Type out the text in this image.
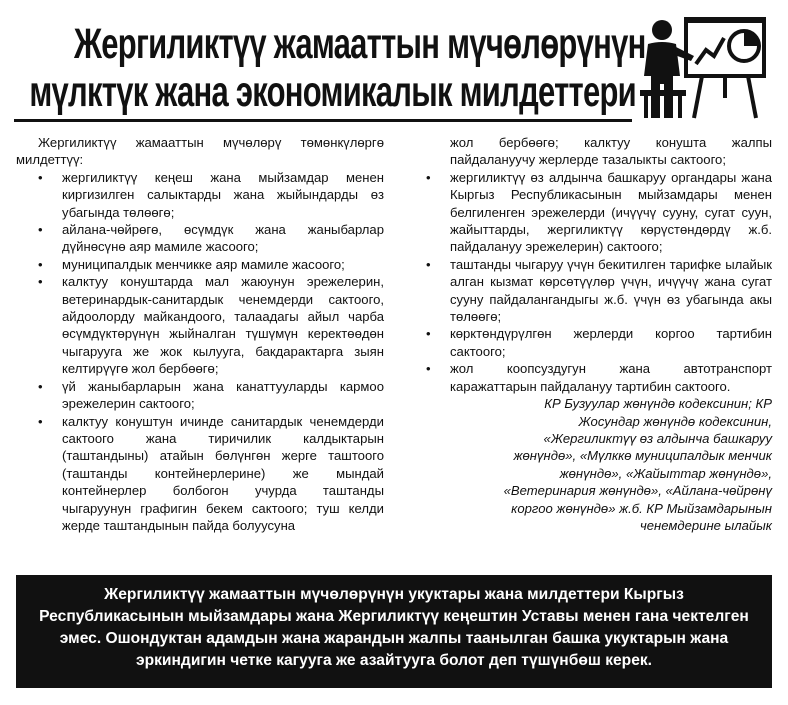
Жергиликтүү жамааттын мүчөлөрүнүн
мүлктүк жана экономикалык милдеттери

Жергиликтүү жамааттын мүчөлөрү төмөнкүлөргө милдеттүү:

• жергиликтүү кеңеш жана мыйзамдар менен киргизилген салыктарды жана жыйындарды өз убагында төлөөгө;
• айлана-чөйрөгө, өсүмдүк жана жаныбарлар дүйнөсүнө аяр мамиле жасоого;
• муниципалдык менчикке аяр мамиле жасоого;
• калктуу конуштарда мал жаюунун эрежелерин, ветеринардык-санитардык ченемдерди сактоого, айдоолорду майкандоого, талаадагы айыл чарба өсүмдүктөрүнүн жыйналган түшүмүн керектөөдөн чыгарууга же жок кылууга, бакдарактарга зыян келтирүүгө жол бербөөгө;
• үй жаныбарларын жана канаттууларды кармоо эрежелерин сактоого;
• калктуу конуштун ичинде санитардык ченемдерди сактоого жана тиричилик калдыктарын (таштандыны) атайын бөлүнгөн жерге таштоого (таштанды контейнерлерине) же мындай контейнерлер болбогон учурда таштанды чыгаруунун графигин бекем сактоого; туш келди жерде таштандынын пайда болуусуна

жол бербөөгө; калктуу конушта жалпы пайдалануучу жерлерде тазалыкты сактоого;

• жергиликтүү өз алдынча башкаруу органдары жана Кыргыз Республикасынын мыйзамдары менен белгиленген эрежелерди (ичүүчү сууну, сугат суун, жайыттарды, жергиликтүү көрүстөндөрдү ж.б. пайдалануу эрежелерин) сактоого;
• таштанды чыгаруу үчүн бекитилген тарифке ылайык алган кызмат көрсөтүүлөр үчүн, ичүүчү жана сугат сууну пайдалангандыгы ж.б. үчүн өз убагында акы төлөөгө;
• көрктөндүрүлгөн жерлерди коргоо тартибин сактоого;
• жол коопсуздугун жана автотранспорт каражаттарын пайдалануу тартибин сактоого.

КР Бузуулар жөнүндө кодексинин; КР Жосундар жөнүндө кодексинин, «Жергиликтүү өз алдынча башкаруу жөнүндө», «Мүлккө муниципалдык менчик жөнүндө», «Жайыттар жөнүндө», «Ветеринария жөнүндө», «Айлана-чөйрөнү коргоо жөнүндө» ж.б. КР Мыйзамдарынын ченемдерине ылайык

Жергиликтүү жамааттын мүчөлөрүнүн укуктары жана милдеттери Кыргыз Республикасынын мыйзамдары жана Жергиликтүү кеңештин Уставы менен гана чектелген эмес. Ошондуктан адамдын жана жарандын жалпы таанылган башка укуктарын жана эркиндигин четке кагууга же азайтууга болот деп түшүнбөш керек.
